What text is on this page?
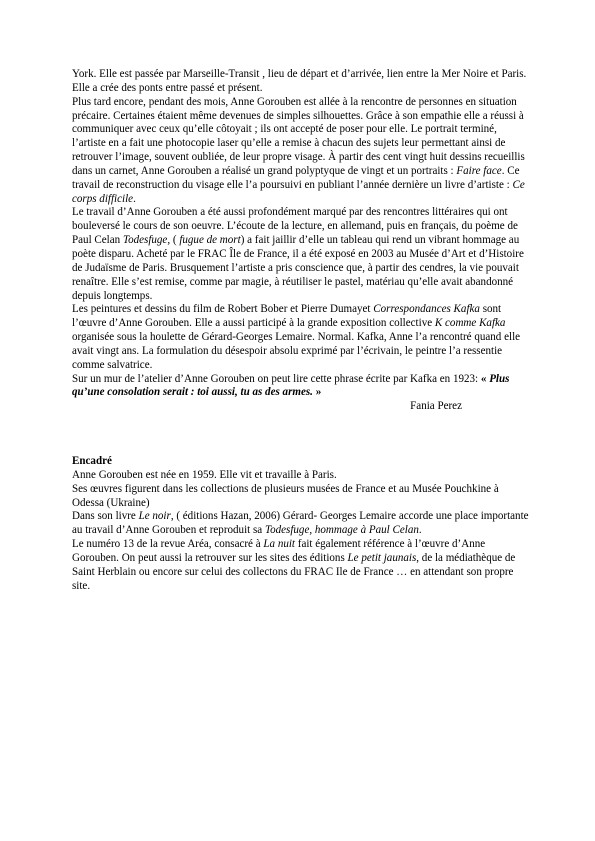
York. Elle est passée par Marseille-Transit , lieu de départ et d’arrivée, lien entre la Mer Noire et Paris. Elle a crée des ponts entre passé et présent.

Plus tard encore, pendant des mois, Anne Gorouben est allée à la rencontre de personnes en situation précaire. Certaines étaient même devenues de simples silhouettes. Grâce à son empathie elle a réussi à communiquer avec ceux qu’elle côtoyait ; ils ont accepté de poser pour elle. Le portrait terminé, l’artiste en a fait une photocopie laser qu’elle a remise à chacun des sujets leur permettant ainsi de retrouver l’image, souvent oubliée, de leur propre visage. À partir des cent vingt huit dessins recueillis dans un carnet, Anne Gorouben a réalisé un grand polyptyque de vingt et un portraits : Faire face. Ce travail de reconstruction du visage elle l’a poursuivi en publiant l’année dernière un livre d’artiste : Ce corps difficile.

Le travail d’Anne Gorouben a été aussi profondément marqué par des rencontres littéraires qui ont bouleversé le cours de son oeuvre. L’écoute de la lecture, en allemand, puis en français, du poème de Paul Celan Todesfuge, ( fugue de mort) a fait jaillir d’elle un tableau qui rend un vibrant hommage au poète disparu. Acheté par le FRAC Île de France, il a été exposé en 2003 au Musée d’Art et d’Histoire de Judaïsme de Paris. Brusquement l’artiste a pris conscience que, à partir des cendres, la vie pouvait renaître. Elle s’est remise, comme par magie, à réutiliser le pastel, matériau qu’elle avait abandonné depuis longtemps.

Les peintures et dessins du film de Robert Bober et Pierre Dumayet Correspondances Kafka sont l’œuvre d’Anne Gorouben. Elle a aussi participé à la grande exposition collective K comme Kafka organisée sous la houlette de Gérard-Georges Lemaire. Normal. Kafka, Anne l’a rencontré quand elle avait vingt ans. La formulation du désespoir absolu exprimé par l’écrivain, le peintre l’a ressentie comme salvatrice.

Sur un mur de l’atelier d’Anne Gorouben on peut lire cette phrase écrite par Kafka en 1923: « Plus qu’une consolation serait : toi aussi, tu as des armes. »

Fania Perez

Encadré

Anne Gorouben est née en 1959. Elle vit et travaille à Paris.

Ses œuvres figurent dans les collections de plusieurs musées de France et au Musée Pouchkine à Odessa (Ukraine)

Dans son livre Le noir, ( éditions Hazan, 2006) Gérard- Georges Lemaire accorde une place importante au travail d’Anne Gorouben et reproduit sa Todesfuge, hommage à Paul Celan.

Le numéro 13 de la revue Aréa, consacré à La nuit fait également référence à l’œuvre d’Anne Gorouben. On peut aussi la retrouver sur les sites des éditions Le petit jaunais, de la médiathèque de Saint Herblain ou encore sur celui des collectons du FRAC Ile de France … en attendant son propre site.
